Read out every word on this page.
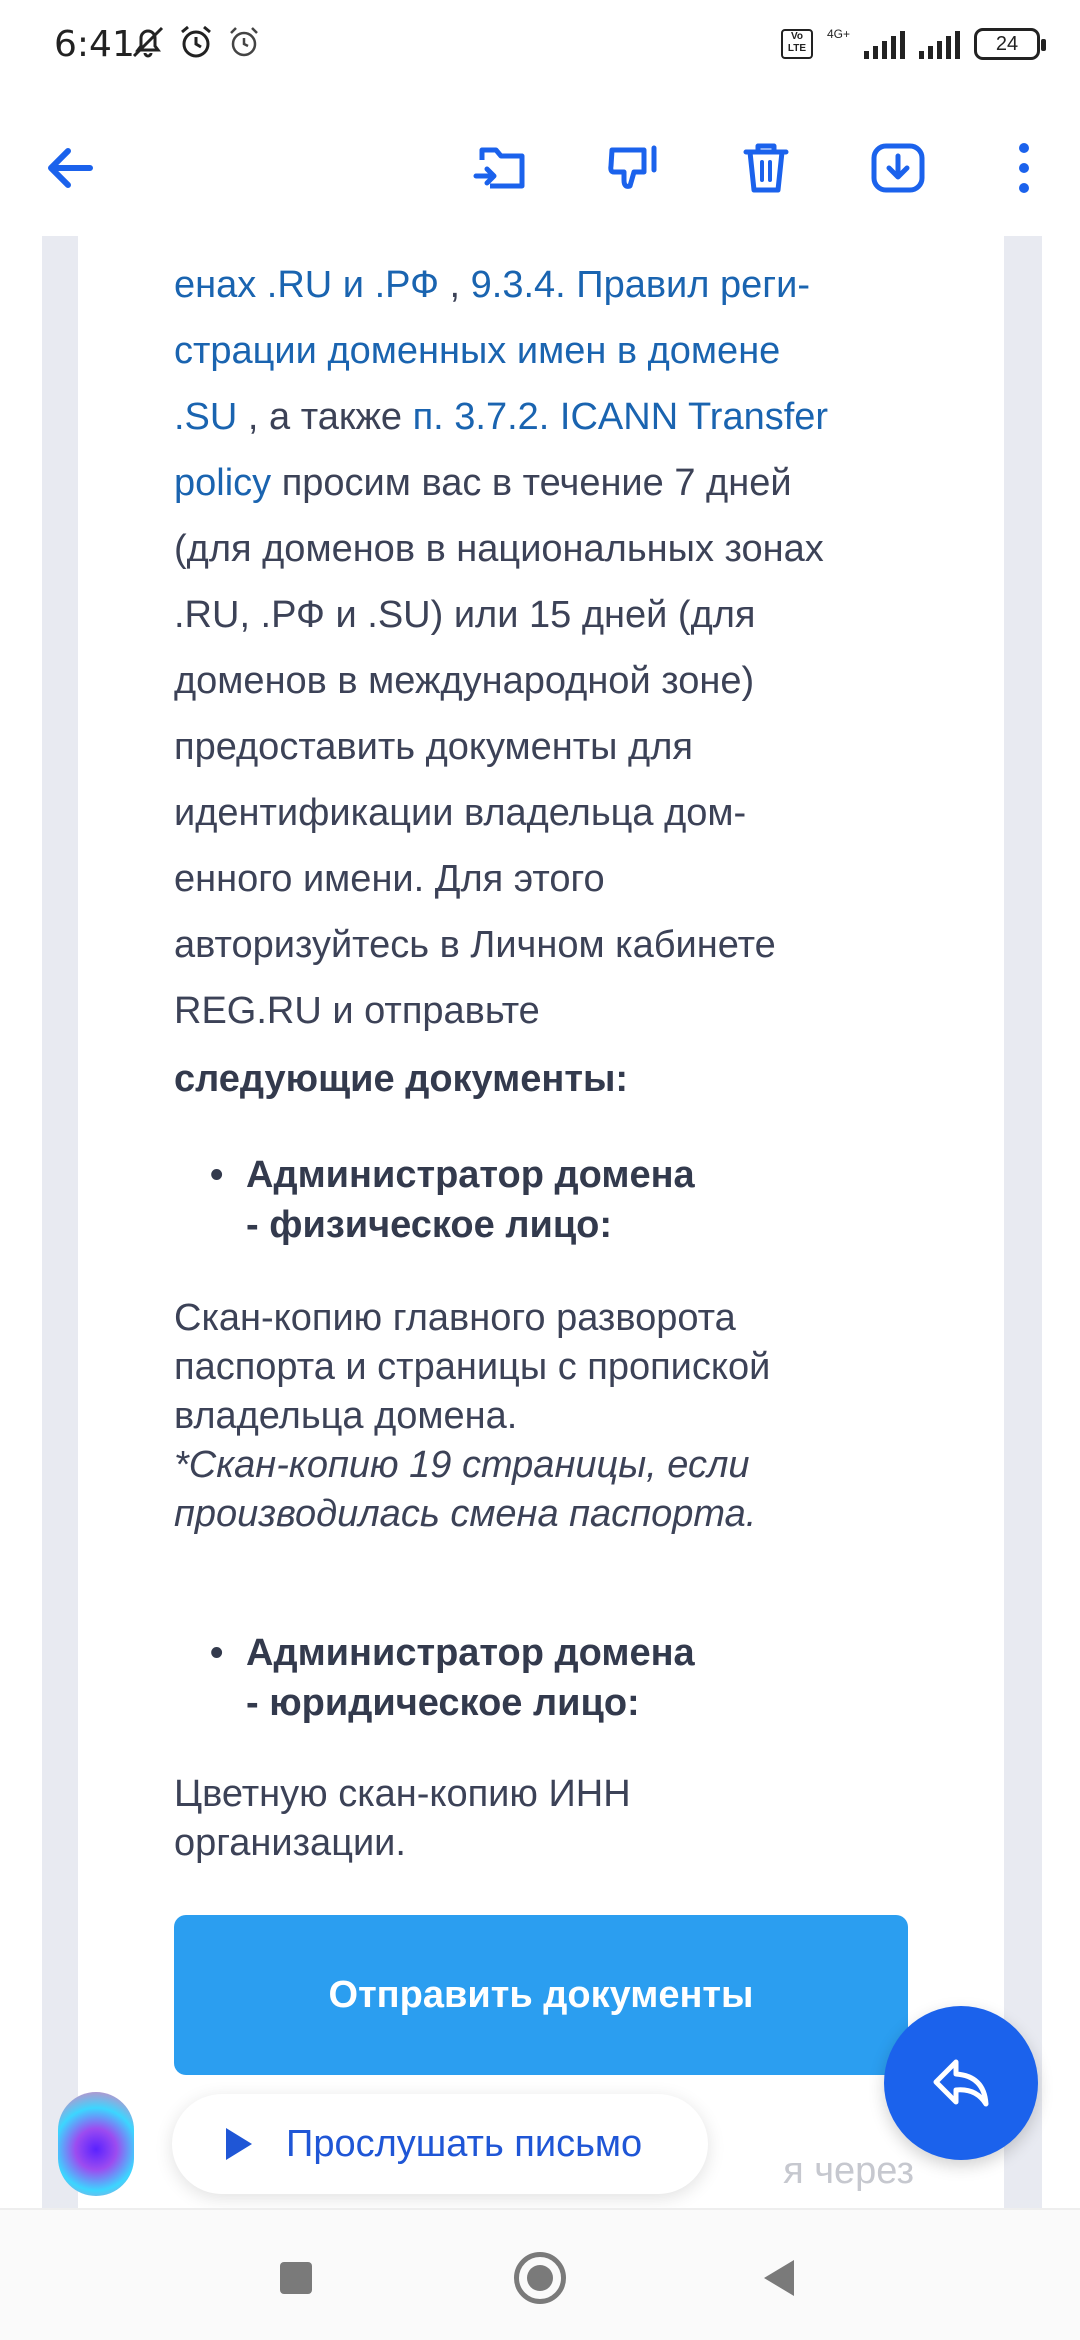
6:41	Vo LTE
4G+	24
енах .RU и .РФ , 9.3.4. Правил реги-
страции доменных имен в домене
.SU , а также п. 3.7.2. ICANN Transfer
policy просим вас в течение 7 дней
(для доменов в национальных зонах
.RU, .РФ и .SU) или 15 дней (для
доменов в международной зоне)
предоставить документы для
идентификации владельца дом-
енного имени. Для этого
авторизуйтесь в Личном кабинете
REG.RU и отправьте
следующие документы:
• Администратор домена
- физическое лицо:
Скан-копию главного разворота
паспорта и страницы с пропиской
владельца домена.
*Скан-копию 19 страницы, если
производилась смена паспорта.
• Администратор домена
- юридическое лицо:
Цветную скан-копию ИНН
организации.
Отправить документы
я через
Прослушать письмо
